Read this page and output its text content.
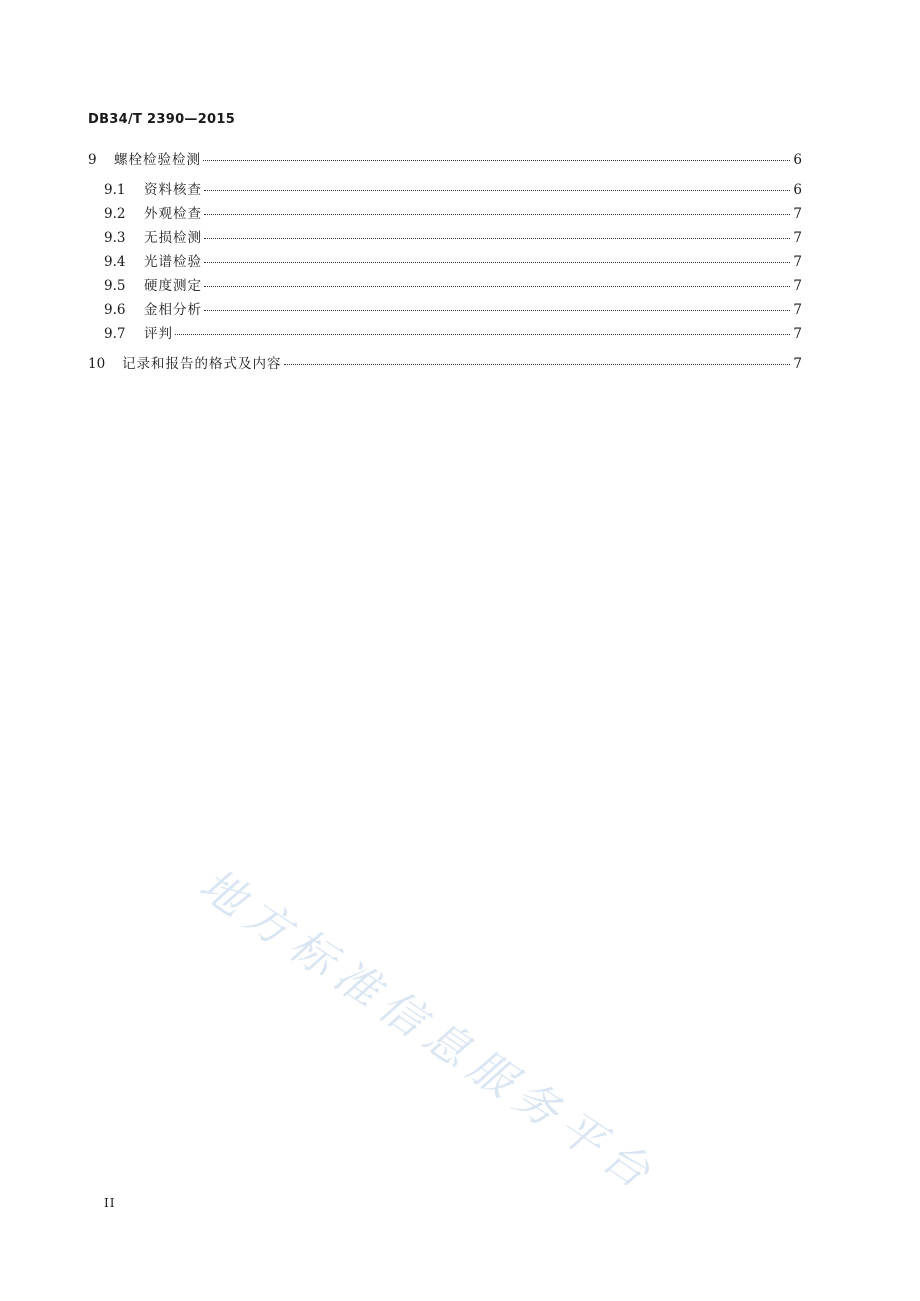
DB34/T 2390—2015
9	螺栓检验检测	6
9.1	资料核查	6
9.2	外观检查	7
9.3	无损检测	7
9.4	光谱检验	7
9.5	硬度测定	7
9.6	金相分析	7
9.7	评判	7
10	记录和报告的格式及内容	7
地方标准信息服务平台
II
